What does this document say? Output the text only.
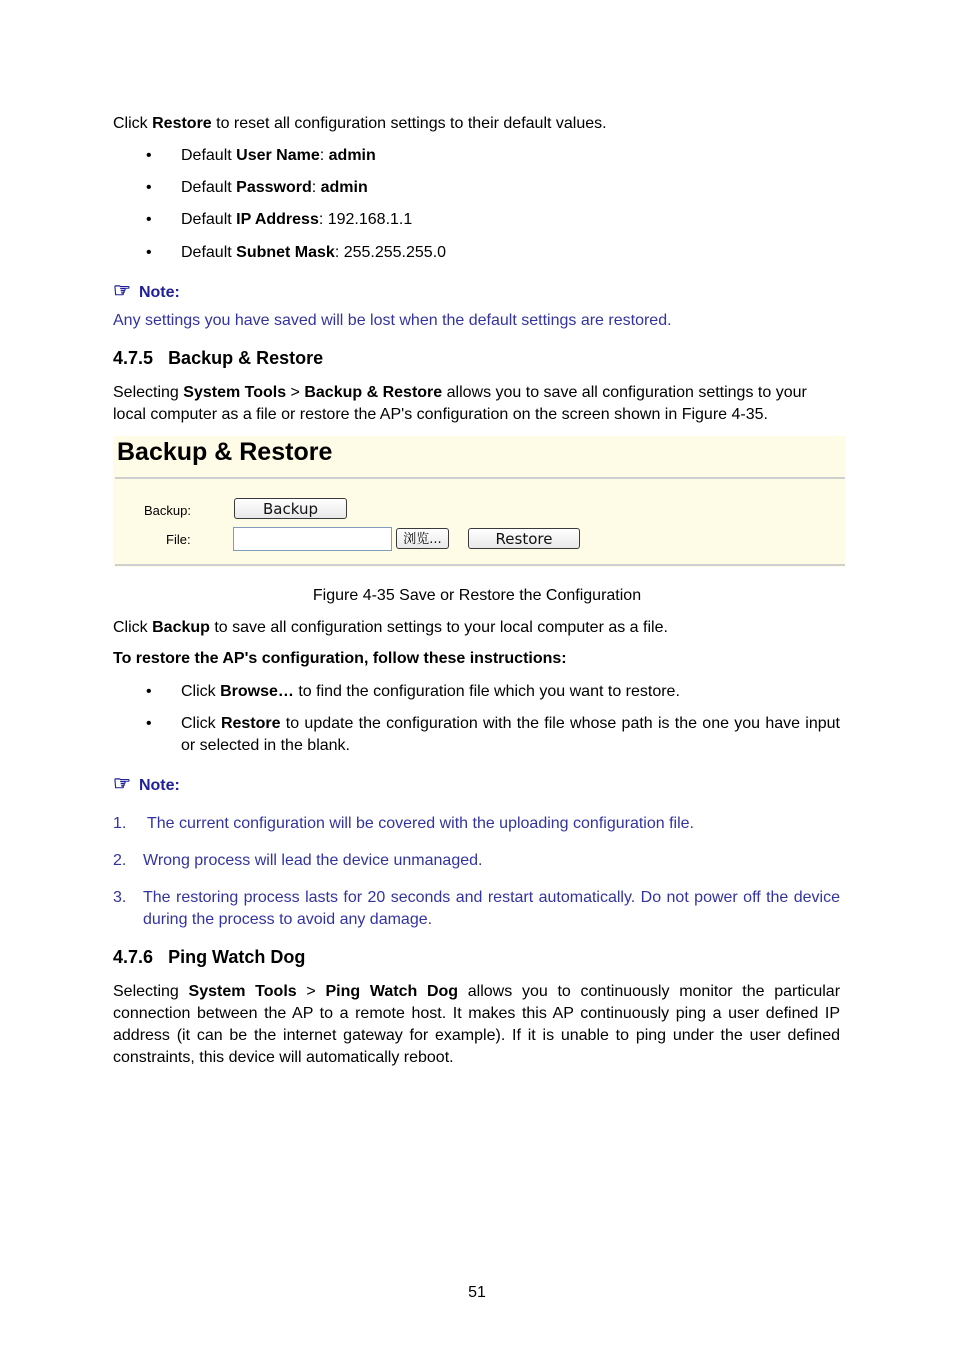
Click Restore to reset all configuration settings to their default values.
• Default User Name: admin
• Default Password: admin
• Default IP Address: 192.168.1.1
• Default Subnet Mask: 255.255.255.0
☞ Note:
Any settings you have saved will be lost when the default settings are restored.
4.7.5 Backup & Restore
Selecting System Tools > Backup & Restore allows you to save all configuration settings to your local computer as a file or restore the AP's configuration on the screen shown in Figure 4-35.
Backup & Restore
Backup:	Backup
File:	浏览...	Restore
Figure 4-35 Save or Restore the Configuration
Click Backup to save all configuration settings to your local computer as a file.
To restore the AP's configuration, follow these instructions:
• Click Browse… to find the configuration file which you want to restore.
• Click Restore to update the configuration with the file whose path is the one you have input or selected in the blank.
☞ Note:
1. The current configuration will be covered with the uploading configuration file.
2. Wrong process will lead the device unmanaged.
3. The restoring process lasts for 20 seconds and restart automatically. Do not power off the device during the process to avoid any damage.
4.7.6 Ping Watch Dog
Selecting System Tools > Ping Watch Dog allows you to continuously monitor the particular connection between the AP to a remote host. It makes this AP continuously ping a user defined IP address (it can be the internet gateway for example). If it is unable to ping under the user defined constraints, this device will automatically reboot.
51
